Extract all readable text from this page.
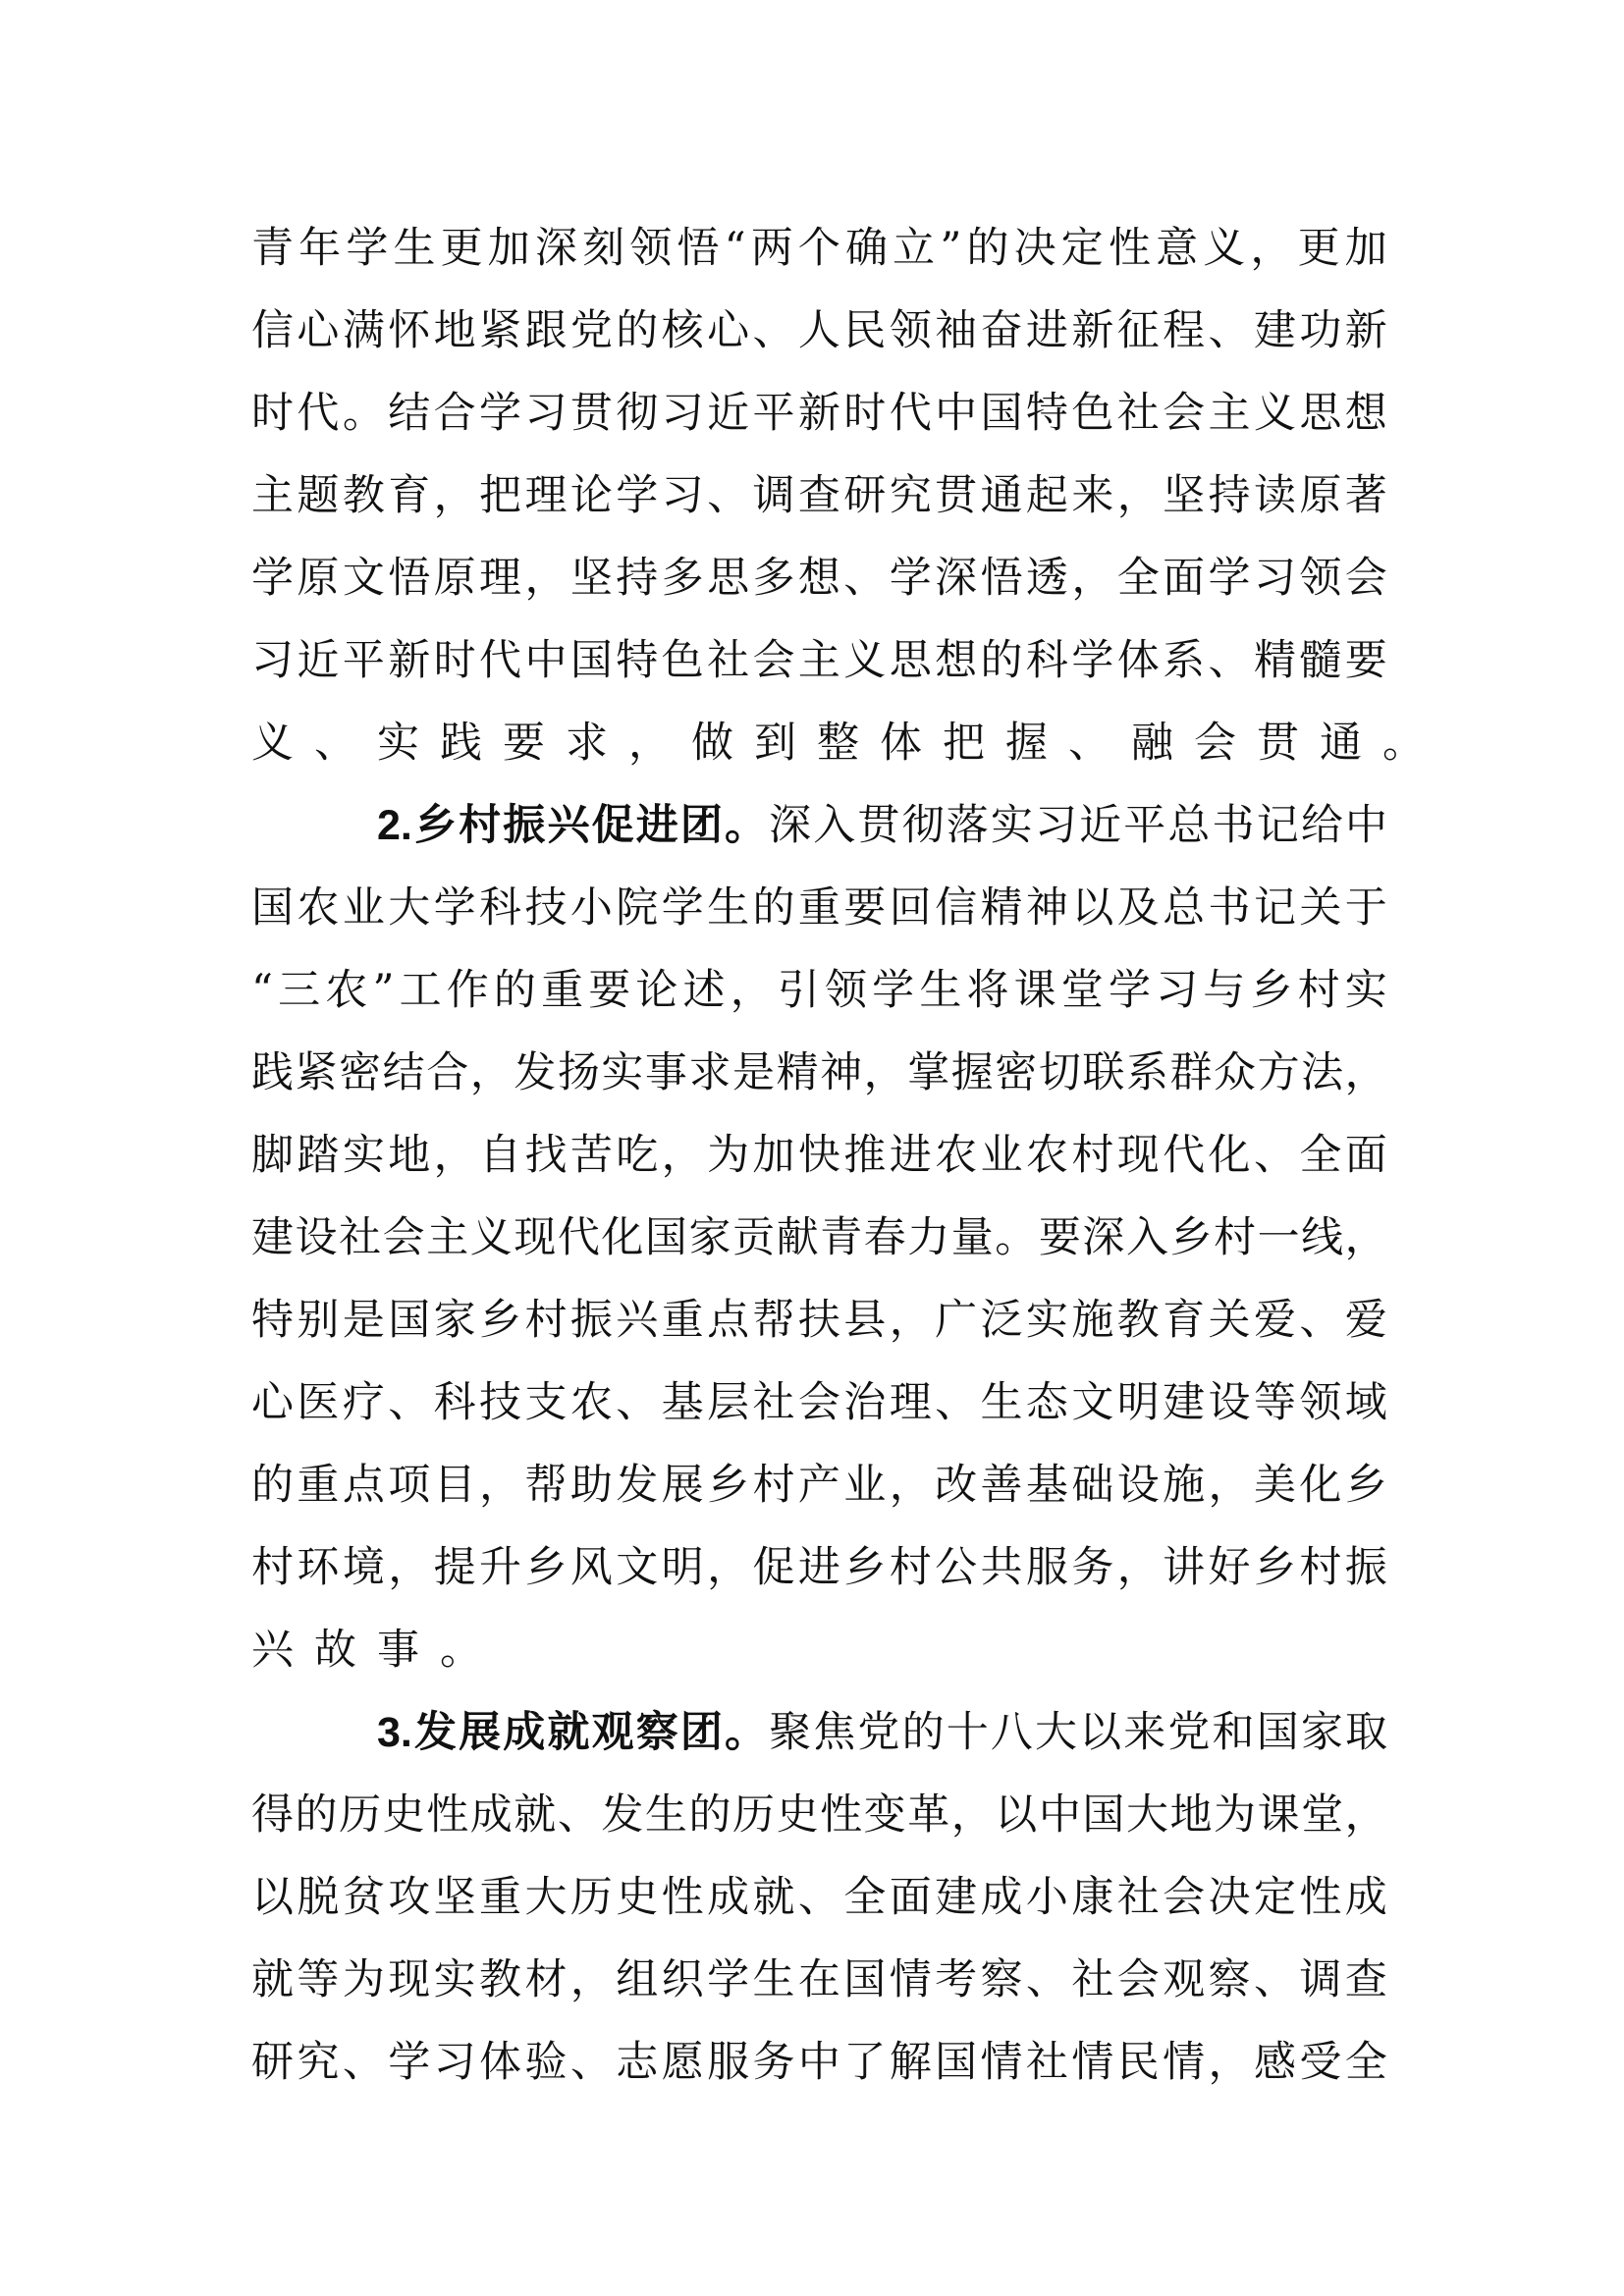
青 年 学 生 更 加 深 刻 领 悟 “ 两 个 确 立 ” 的 决 定 性 意 义 ， 更 加
信 心 满 怀 地 紧 跟 党 的 核 心 、 人 民 领 袖 奋 进 新 征 程 、 建 功 新
时 代 。 结 合 学 习 贯 彻 习 近 平 新 时 代 中 国 特 色 社 会 主 义 思 想
主 题 教 育 ， 把 理 论 学 习 、 调 查 研 究 贯 通 起 来 ， 坚 持 读 原 著
学 原 文 悟 原 理 ， 坚 持 多 思 多 想 、 学 深 悟 透 ， 全 面 学 习 领 会
习 近 平 新 时 代 中 国 特 色 社 会 主 义 思 想 的 科 学 体 系 、 精 髓 要
义 、 实 践 要 求 ， 做 到 整 体 把 握 、 融 会 贯 通 。
2. 乡 村 振 兴 促 进 团 。 深 入 贯 彻 落 实 习 近 平 总 书 记 给 中
国 农 业 大 学 科 技 小 院 学 生 的 重 要 回 信 精 神 以 及 总 书 记 关 于
“ 三 农 ” 工 作 的 重 要 论 述 ， 引 领 学 生 将 课 堂 学 习 与 乡 村 实
践 紧 密 结 合 ， 发 扬 实 事 求 是 精 神 ， 掌 握 密 切 联 系 群 众 方 法 ，
脚 踏 实 地 ， 自 找 苦 吃 ， 为 加 快 推 进 农 业 农 村 现 代 化 、 全 面
建 设 社 会 主 义 现 代 化 国 家 贡 献 青 春 力 量 。 要 深 入 乡 村 一 线 ，
特 别 是 国 家 乡 村 振 兴 重 点 帮 扶 县 ， 广 泛 实 施 教 育 关 爱 、 爱
心 医 疗 、 科 技 支 农 、 基 层 社 会 治 理 、 生 态 文 明 建 设 等 领 域
的 重 点 项 目 ， 帮 助 发 展 乡 村 产 业 ， 改 善 基 础 设 施 ， 美 化 乡
村 环 境 ， 提 升 乡 风 文 明 ， 促 进 乡 村 公 共 服 务 ， 讲 好 乡 村 振
兴 故 事 。
3. 发 展 成 就 观 察 团 。 聚 焦 党 的 十 八 大 以 来 党 和 国 家 取
得 的 历 史 性 成 就 、 发 生 的 历 史 性 变 革 ， 以 中 国 大 地 为 课 堂 ，
以 脱 贫 攻 坚 重 大 历 史 性 成 就 、 全 面 建 成 小 康 社 会 决 定 性 成
就 等 为 现 实 教 材 ， 组 织 学 生 在 国 情 考 察 、 社 会 观 察 、 调 查
研 究 、 学 习 体 验 、 志 愿 服 务 中 了 解 国 情 社 情 民 情 ， 感 受 全
